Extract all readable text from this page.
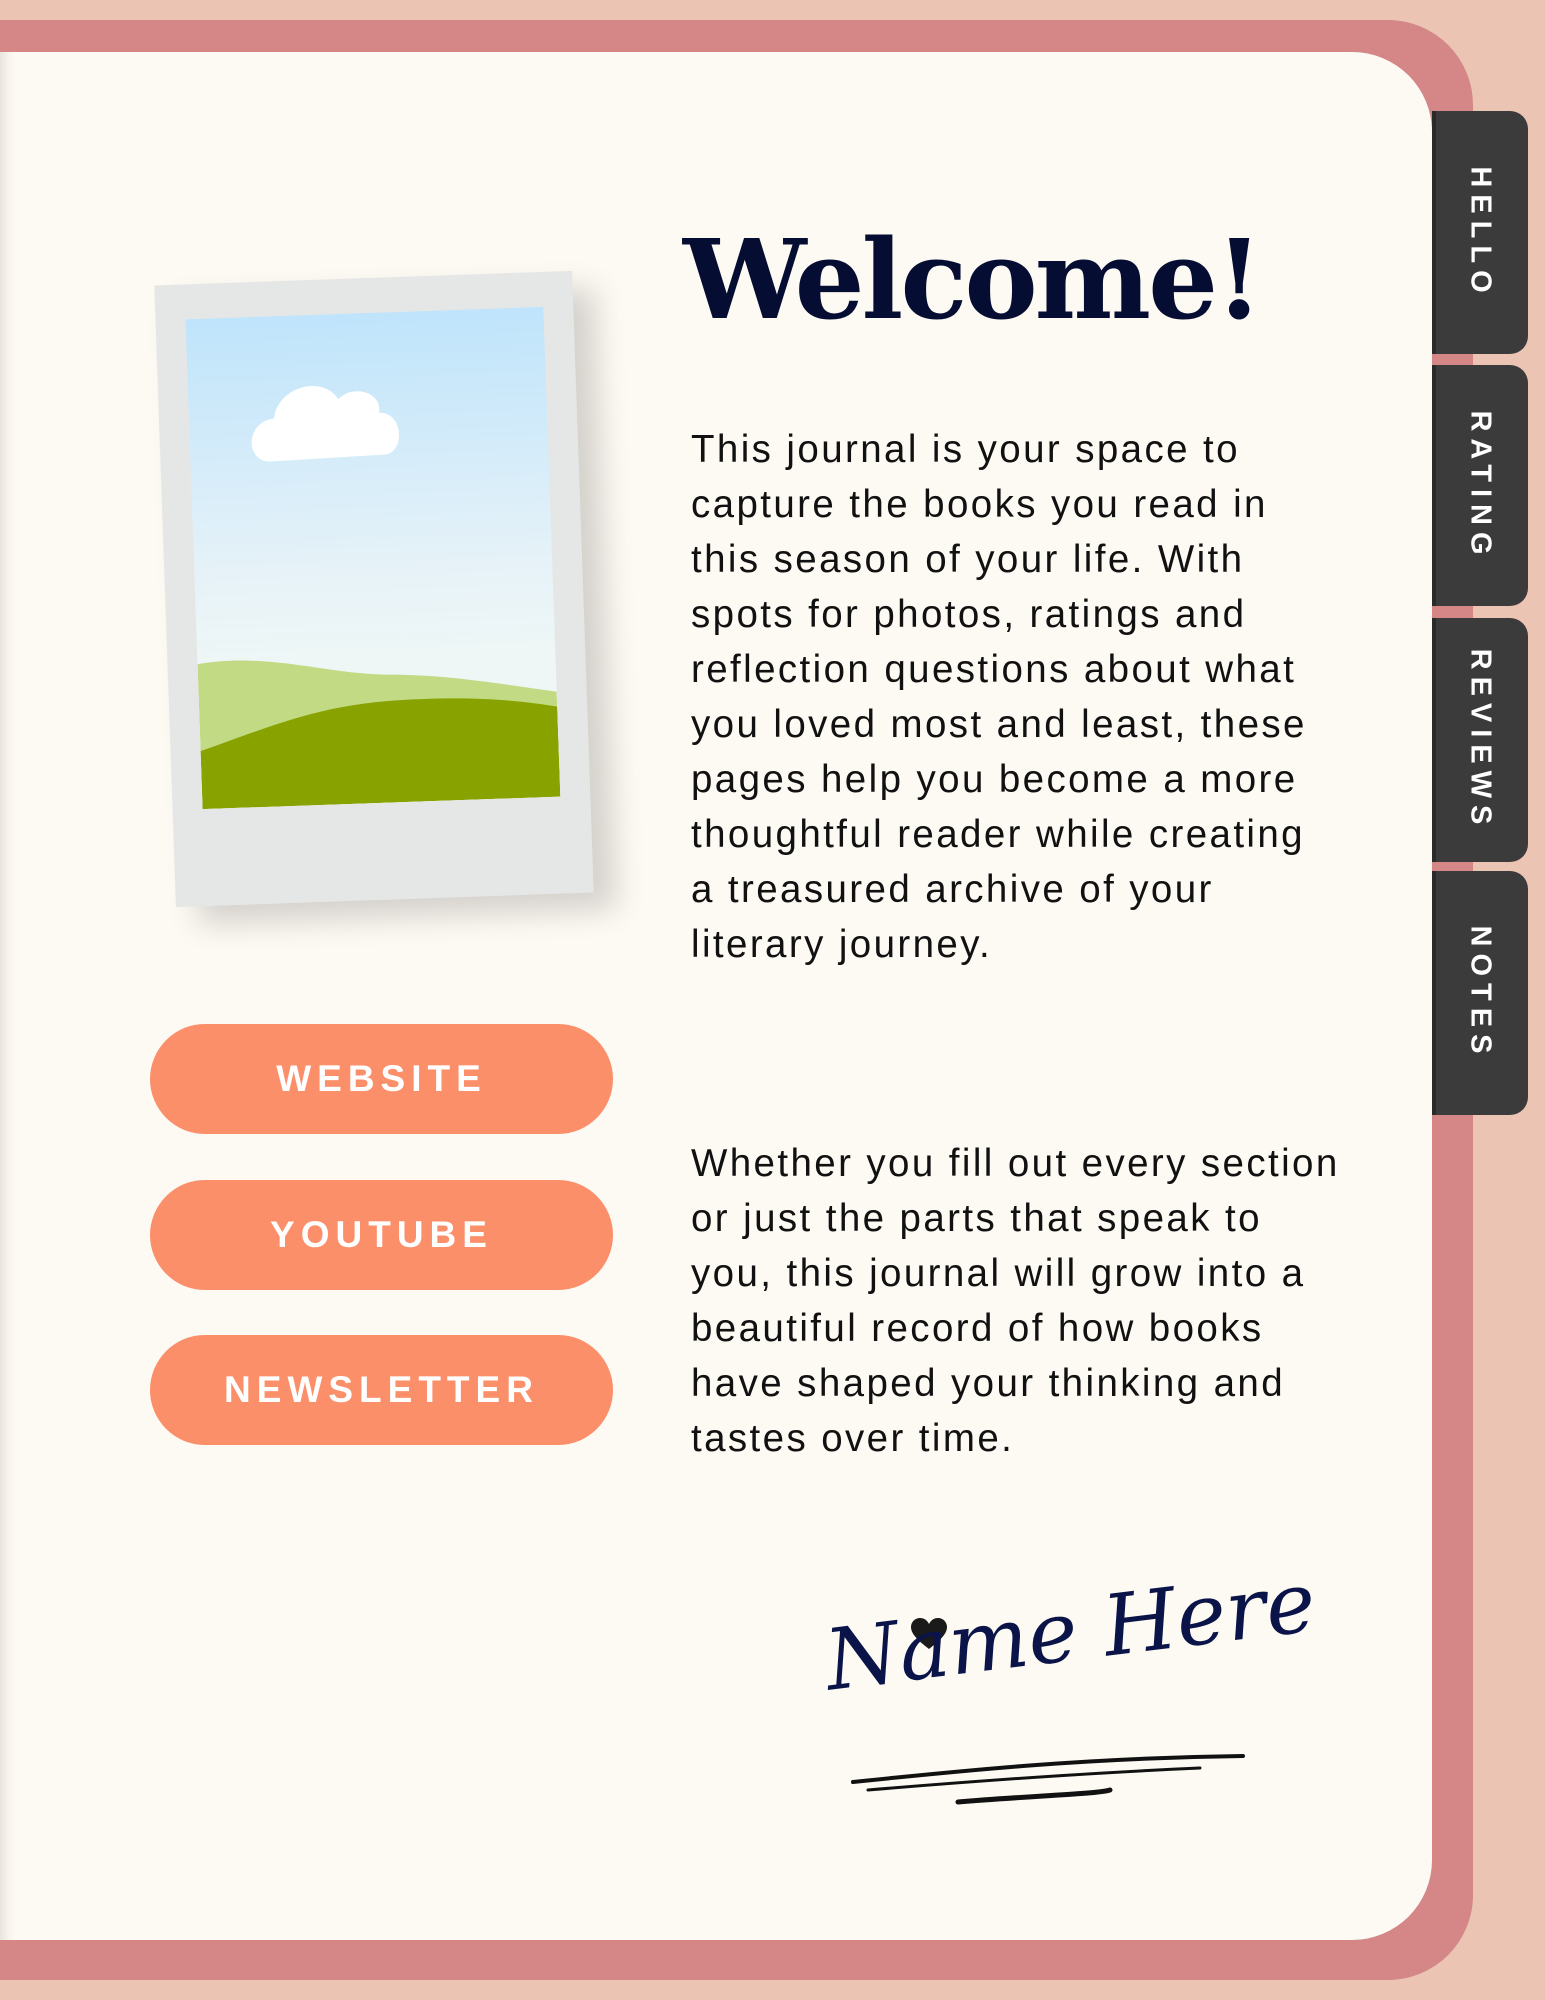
HELLO
RATING
REVIEWS
NOTES
Welcome!

This journal is your space to capture the books you read in this season of your life. With spots for photos, ratings and reflection questions about what you loved most and least, these pages help you become a more thoughtful reader while creating a treasured archive of your literary journey.

Whether you fill out every section or just the parts that speak to you, this journal will grow into a beautiful record of how books have shaped your thinking and tastes over time.

WEBSITE
YOUTUBE
NEWSLETTER
Name Here
